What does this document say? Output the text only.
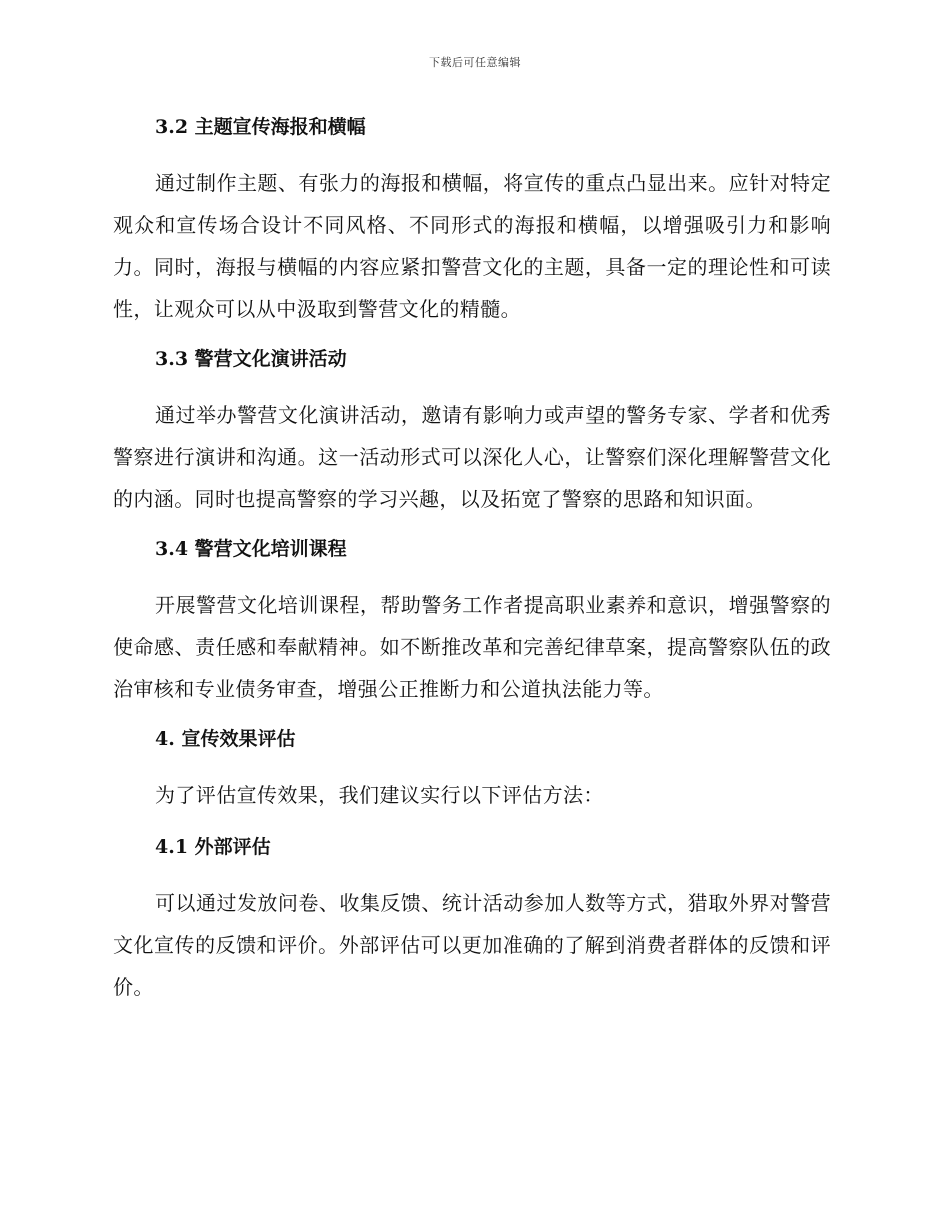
下载后可任意编辑
3.2 主题宣传海报和横幅

通过制作主题、有张力的海报和横幅，将宣传的重点凸显出来。应针对特定观众和宣传场合设计不同风格、不同形式的海报和横幅，以增强吸引力和影响力。同时，海报与横幅的内容应紧扣警营文化的主题，具备一定的理论性和可读性，让观众可以从中汲取到警营文化的精髓。

3.3 警营文化演讲活动

通过举办警营文化演讲活动，邀请有影响力或声望的警务专家、学者和优秀警察进行演讲和沟通。这一活动形式可以深化人心，让警察们深化理解警营文化的内涵。同时也提高警察的学习兴趣，以及拓宽了警察的思路和知识面。

3.4 警营文化培训课程

开展警营文化培训课程，帮助警务工作者提高职业素养和意识，增强警察的使命感、责任感和奉献精神。如不断推改革和完善纪律草案，提高警察队伍的政治审核和专业债务审查，增强公正推断力和公道执法能力等。

4. 宣传效果评估

为了评估宣传效果，我们建议实行以下评估方法：

4.1 外部评估

可以通过发放问卷、收集反馈、统计活动参加人数等方式，猎取外界对警营文化宣传的反馈和评价。外部评估可以更加准确的了解到消费者群体的反馈和评价。
